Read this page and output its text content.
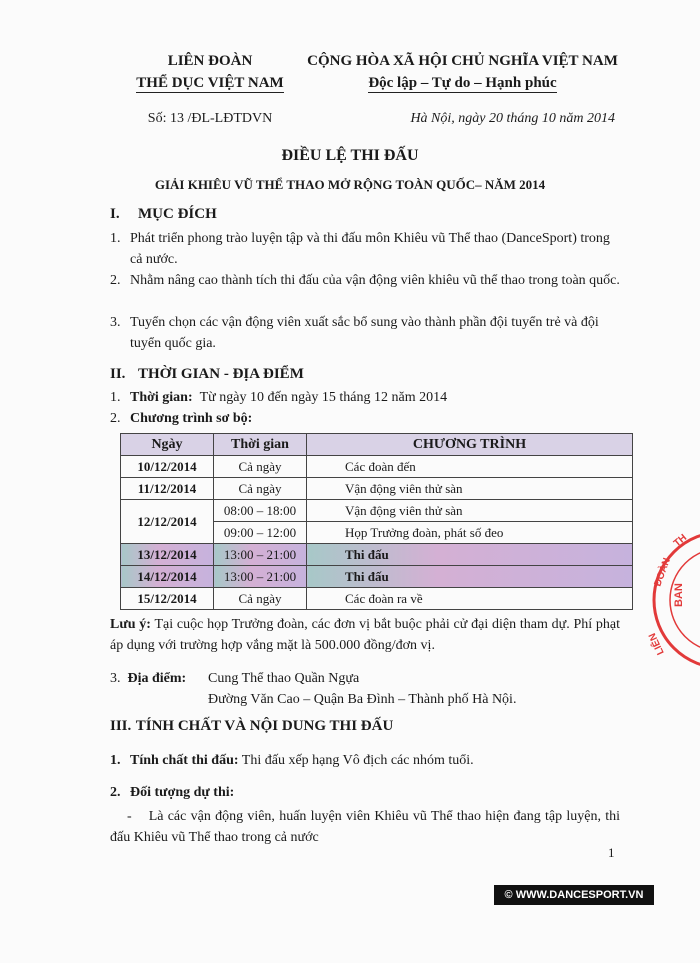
LIÊN ĐOÀN
THỂ DỤC VIỆT NAM
Số: 13 /ĐL-LĐTDVN
CỘNG HÒA XÃ HỘI CHỦ NGHĨA VIỆT NAM
Độc lập – Tự do – Hạnh phúc
Hà Nội, ngày 20 tháng 10 năm 2014
ĐIỀU LỆ THI ĐẤU
GIẢI KHIÊU VŨ THỂ THAO MỞ RỘNG TOÀN QUỐC– NĂM 2014
I. MỤC ĐÍCH
1. Phát triển phong trào luyện tập và thi đấu môn Khiêu vũ Thể thao (DanceSport) trong cả nước.
2. Nhằm nâng cao thành tích thi đấu của vận động viên khiêu vũ thể thao trong toàn quốc.
3. Tuyển chọn các vận động viên xuất sắc bổ sung vào thành phần đội tuyển trẻ và đội tuyển quốc gia.
II. THỜI GIAN - ĐỊA ĐIỂM
1. Thời gian: Từ ngày 10 đến ngày 15 tháng 12 năm 2014
2. Chương trình sơ bộ:
Ngày	Thời gian	CHƯƠNG TRÌNH
10/12/2014	Cả ngày	Các đoàn đến
11/12/2014	Cả ngày	Vận động viên thử sàn
12/12/2014	08:00 – 18:00	Vận động viên thử sàn
	09:00 – 12:00	Họp Trưởng đoàn, phát số đeo
13/12/2014	13:00 – 21:00	Thi đấu
14/12/2014	13:00 – 21:00	Thi đấu
15/12/2014	Cả ngày	Các đoàn ra về
Lưu ý: Tại cuộc họp Trưởng đoàn, các đơn vị bắt buộc phải cử đại diện tham dự. Phí phạt áp dụng với trường hợp vắng mặt là 500.000 đồng/đơn vị.
3. Địa điểm:	Cung Thể thao Quần Ngựa
Đường Văn Cao – Quận Ba Đình – Thành phố Hà Nội.
III. TÍNH CHẤT VÀ NỘI DUNG THI ĐẤU
1. Tính chất thi đấu: Thi đấu xếp hạng Vô địch các nhóm tuổi.
2. Đối tượng dự thi:
- Là các vận động viên, huấn luyện viên Khiêu vũ Thể thao hiện đang tập luyện, thi đấu Khiêu vũ Thể thao trong cả nước
1
© WWW.DANCESPORT.VN
ĐOÀN
BAN
LIÊN
TH
